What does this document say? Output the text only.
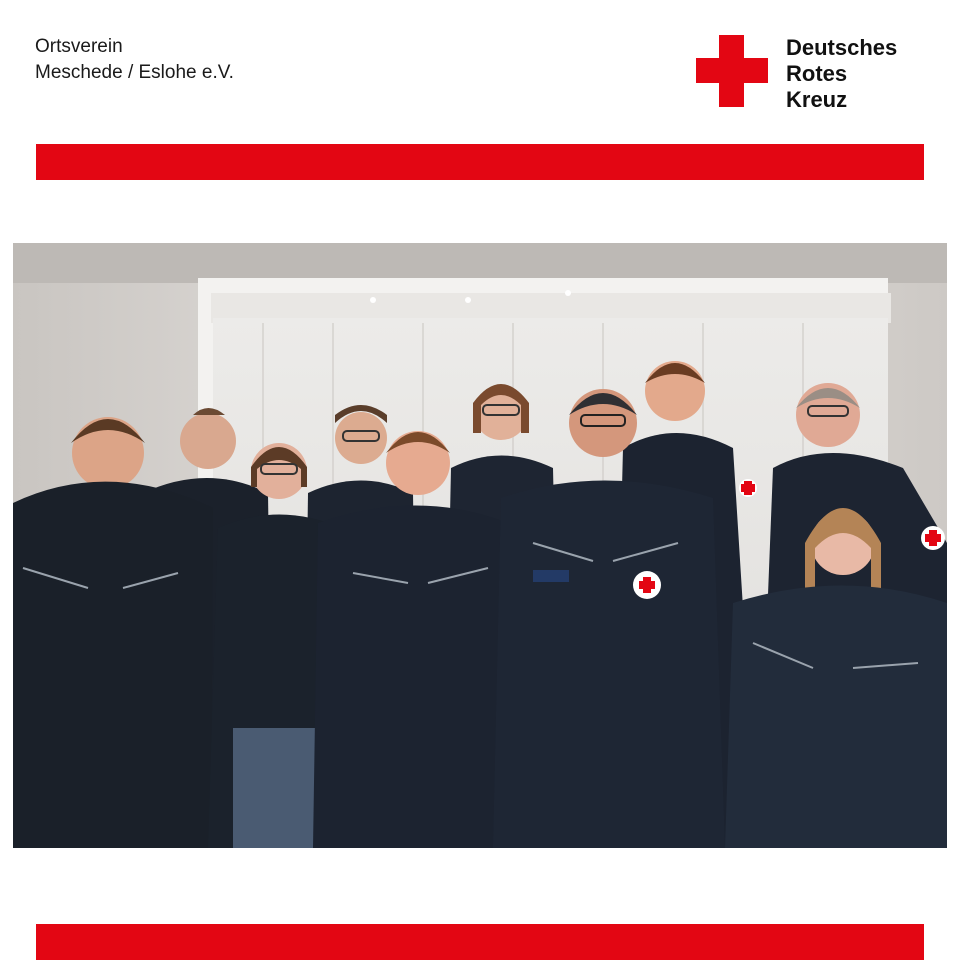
Ortsverein
Meschede / Eslohe e.V.
Deutsches
Rotes
Kreuz
